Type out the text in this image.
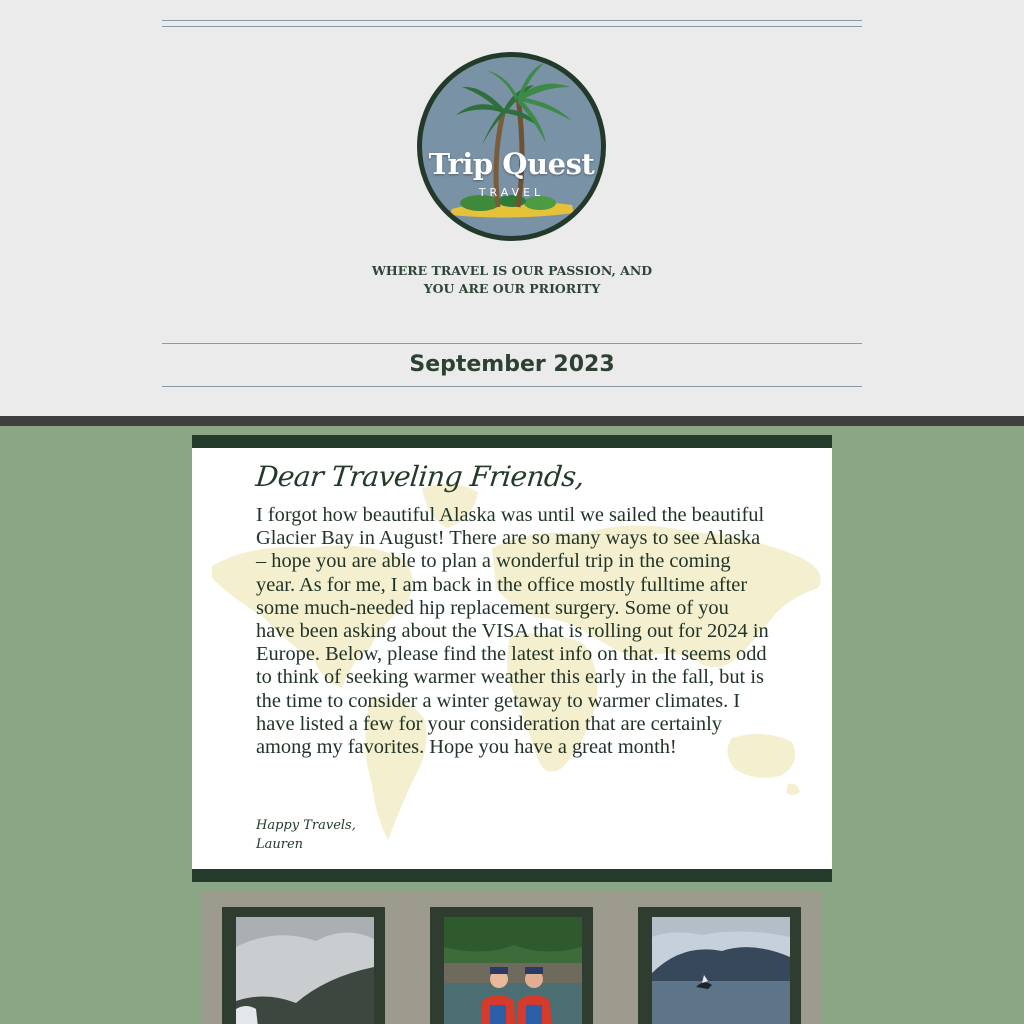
Trip Quest
TRAVEL
WHERE TRAVEL IS OUR PASSION, AND
YOU ARE OUR PRIORITY
September 2023
Dear Traveling Friends,
I forgot how beautiful Alaska was until we sailed the beautiful Glacier Bay in August! There are so many ways to see Alaska – hope you are able to plan a wonderful trip in the coming year. As for me, I am back in the office mostly fulltime after some much-needed hip replacement surgery. Some of you have been asking about the VISA that is rolling out for 2024 in Europe. Below, please find the latest info on that. It seems odd to think of seeking warmer weather this early in the fall, but is the time to consider a winter getaway to warmer climates. I have listed a few for your consideration that are certainly among my favorites. Hope you have a great month!
Happy Travels,
Lauren
